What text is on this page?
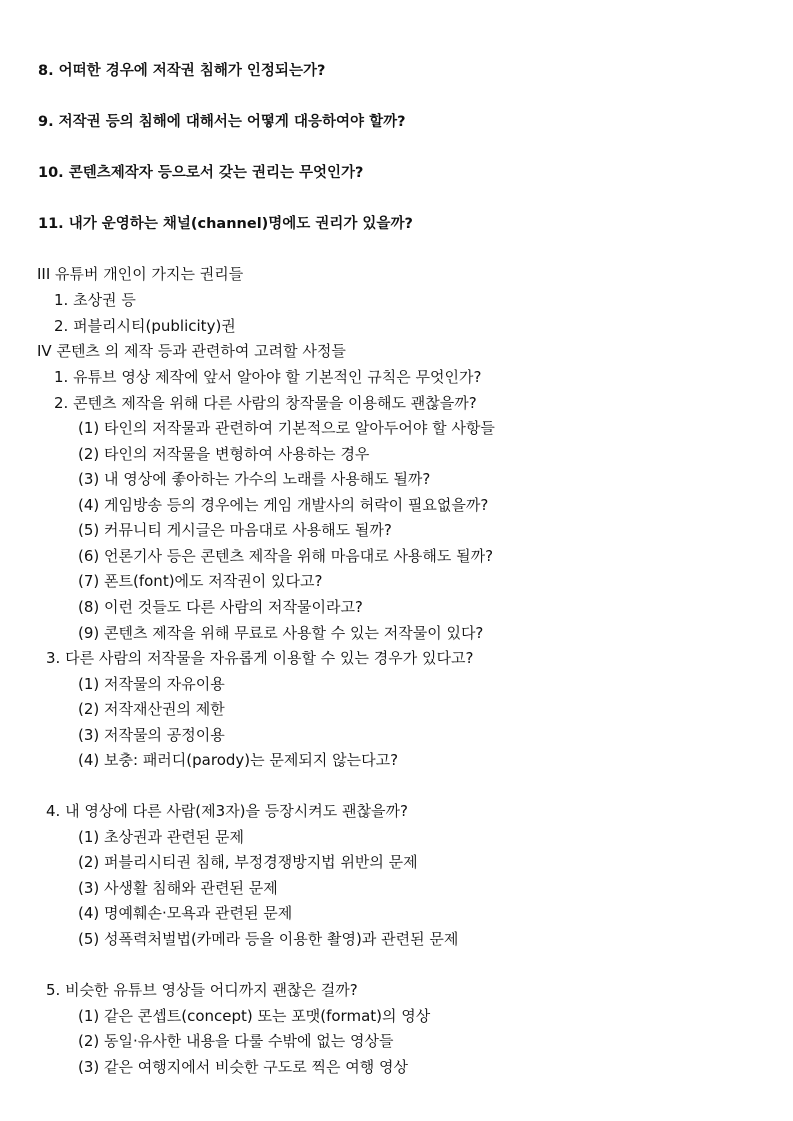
8. 어떠한 경우에 저작권 침해가 인정되는가?
9. 저작권 등의 침해에 대해서는 어떻게 대응하여야 할까?
10. 콘텐츠제작자 등으로서 갖는 권리는 무엇인가?
11. 내가 운영하는 채널(channel)명에도 권리가 있을까?
III 유튜버 개인이 가지는 권리들
1. 초상권 등
2. 퍼블리시티(publicity)권
IV 콘텐츠 의 제작 등과 관련하여 고려할 사정들
1. 유튜브 영상 제작에 앞서 알아야 할 기본적인 규칙은 무엇인가?
2. 콘텐츠 제작을 위해 다른 사람의 창작물을 이용해도 괜찮을까?
(1) 타인의 저작물과 관련하여 기본적으로 알아두어야 할 사항들
(2) 타인의 저작물을 변형하여 사용하는 경우
(3) 내 영상에 좋아하는 가수의 노래를 사용해도 될까?
(4) 게임방송 등의 경우에는 게임 개발사의 허락이 필요없을까?
(5) 커뮤니티 게시글은 마음대로 사용해도 될까?
(6) 언론기사 등은 콘텐츠 제작을 위해 마음대로 사용해도 될까?
(7) 폰트(font)에도 저작권이 있다고?
(8) 이런 것들도 다른 사람의 저작물이라고?
(9) 콘텐츠 제작을 위해 무료로 사용할 수 있는 저작물이 있다?
3. 다른 사람의 저작물을 자유롭게 이용할 수 있는 경우가 있다고?
(1) 저작물의 자유이용
(2) 저작재산권의 제한
(3) 저작물의 공정이용
(4) 보충: 패러디(parody)는 문제되지 않는다고?
4. 내 영상에 다른 사람(제3자)을 등장시켜도 괜찮을까?
(1) 초상권과 관련된 문제
(2) 퍼블리시티권 침해, 부정경쟁방지법 위반의 문제
(3) 사생활 침해와 관련된 문제
(4) 명예훼손·모욕과 관련된 문제
(5) 성폭력처벌법(카메라 등을 이용한 촬영)과 관련된 문제
5. 비슷한 유튜브 영상들 어디까지 괜찮은 걸까?
(1) 같은 콘셉트(concept) 또는 포맷(format)의 영상
(2) 동일·유사한 내용을 다룰 수밖에 없는 영상들
(3) 같은 여행지에서 비슷한 구도로 찍은 여행 영상
